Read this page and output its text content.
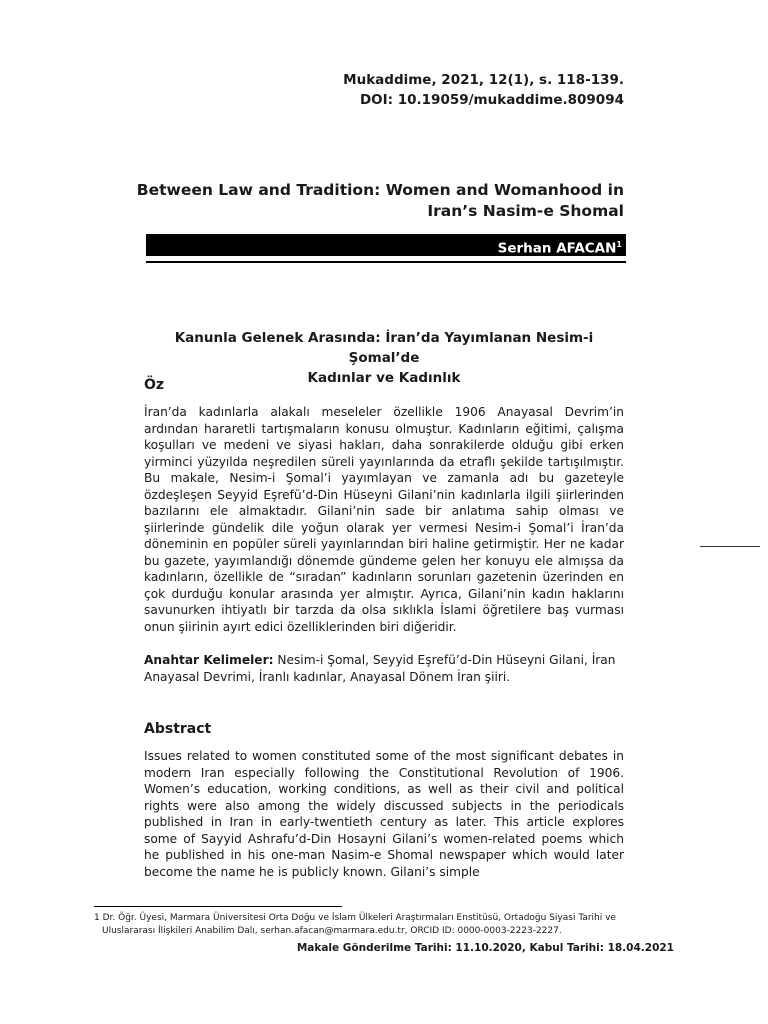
Mukaddime, 2021, 12(1), s. 118-139.
DOI: 10.19059/mukaddime.809094
Between Law and Tradition: Women and Womanhood in
Iran’s Nasim-e Shomal
Serhan AFACAN$^1$
Kanunla Gelenek Arasında: İran’da Yayımlanan Nesim-i Şomal’de
Kadınlar ve Kadınlık
Öz
İran’da kadınlarla alakalı meseleler özellikle 1906 Anayasal Devrim’in ardından hararetli tartışmaların konusu olmuştur. Kadınların eğitimi, çalışma koşulları ve medeni ve siyasi hakları, daha sonrakilerde olduğu gibi erken yirminci yüzyılda neşredilen süreli yayınlarında da etraflı şekilde tartışılmıştır. Bu makale, Nesim-i Şomal’i yayımlayan ve zamanla adı bu gazeteyle özdeşleşen Seyyid Eşrefü’d-Din Hüseyni Gilani’nin kadınlarla ilgili şiirlerinden bazılarını ele almaktadır. Gilani’nin sade bir anlatıma sahip olması ve şiirlerinde gündelik dile yoğun olarak yer vermesi Nesim-i Şomal’i İran’da döneminin en popüler süreli yayınlarından biri haline getirmiştir. Her ne kadar bu gazete, yayımlandığı dönemde gündeme gelen her konuyu ele almışsa da kadınların, özellikle de “sıradan” kadınların sorunları gazetenin üzerinden en çok durduğu konular arasında yer almıştır. Ayrıca, Gilani’nin kadın haklarını savunurken ihtiyatlı bir tarzda da olsa sıklıkla İslami öğretilere baş vurması onun şiirinin ayırt edici özelliklerinden biri diğeridir.
Anahtar Kelimeler: Nesim-i Şomal, Seyyid Eşrefü’d-Din Hüseyni Gilani, İran Anayasal Devrimi, İranlı kadınlar, Anayasal Dönem İran şiiri.
Abstract
Issues related to women constituted some of the most significant debates in modern Iran especially following the Constitutional Revolution of 1906. Women’s education, working conditions, as well as their civil and political rights were also among the widely discussed subjects in the periodicals published in Iran in early-twentieth century as later. This article explores some of Sayyid Ashrafu’d-Din Hosayni Gilani’s women-related poems which he published in his one-man Nasim-e Shomal newspaper which would later become the name he is publicly known. Gilani’s simple
1 Dr. Öğr. Üyesi, Marmara Üniversitesi Orta Doğu ve İslam Ülkeleri Araştırmaları Enstitüsü, Ortadoğu Siyasi Tarihi ve
Uluslararası İlişkileri Anabilim Dalı, serhan.afacan@marmara.edu.tr, ORCID ID: 0000-0003-2223-2227.
Makale Gönderilme Tarihi: 11.10.2020, Kabul Tarihi: 18.04.2021
